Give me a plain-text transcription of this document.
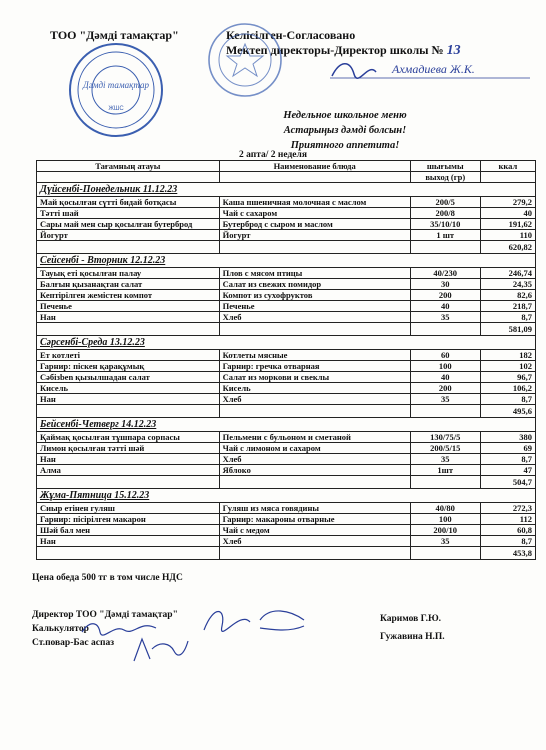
ТОО "Дәмді тамақтар"	Келісілген-Согласовано
Мектеп директоры-Директор школы № 13
Дәмді тамақтар
ЖШС
Ахмадиева Ж.К.
Недельное школьное меню
Астарыңыз дәмді болсын!
Приятного аппетита!
2 апта/ 2 неделя
Тағамның атауы	Наименование блюда	шығымы	ккал
		выход (гр)	
Дүйсенбі-Понедельник 11.12.23			
Май қосылған сүтті бидай ботқасы	Каша пшеничная молочная с маслом	200/5	279,2
Тәтті шай	Чай с сахаром	200/8	40
Сары май мен сыр қосылған бутерброд	Бутерброд с сыром и маслом	35/10/10	191,62
Йогурт	Йогурт	1 шт	110
			620,82
Сейсенбі - Вторник 12.12.23			
Тауық еті қосылған палау	Плов с мясом птицы	40/230	246,74
Балғын қызанақтан салат	Салат из свежих помидор	30	24,35
Кептірілген жемістен компот	Компот из сухофруктов	200	82,6
Печенье	Печенье	40	218,7
Нан	Хлеб	35	8,7
			581,09
Сәрсенбі-Среда 13.12.23			
Ет котлеті	Котлеты мясные	60	182
Гарнир: піскен қарақұмық	Гарнир: гречка отварная	100	102
Сәбізben қызылшадан салат	Салат из моркови и свеклы	40	96,7
Кисель	Кисель	200	106,2
Нан	Хлеб	35	8,7
			495,6
Бейсенбі-Четверг 14.12.23			
Қаймақ қосылған тұшпара сорпасы	Пельмени с бульоном и сметаной	130/75/5	380
Лимон қосылған тәтті шәй	Чай с лимоном и сахаром	200/5/15	69
Нан	Хлеб	35	8,7
Алма	Яблоко	1шт	47
			504,7
Жұма-Пятница 15.12.23			
Сиыр етінен гуляш	Гуляш из мяса говядины	40/80	272,3
Гарнир: пісірілген макарон	Гарнир: макароны отварные	100	112
Шәй бал мен	Чай с медом	200/10	60,8
Нан	Хлеб	35	8,7
			453,8
Цена обеда 500 тг в том числе НДС
Директор ТОО "Дәмді тамақтар"
Калькулятор
Ст.повар-Бас аспаз
Каримов Г.Ю.
Гужавина Н.П.
